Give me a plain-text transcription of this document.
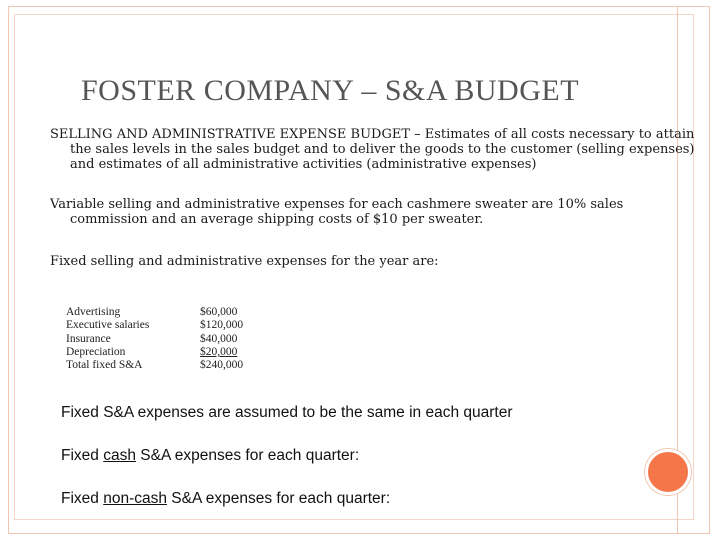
FOSTER COMPANY – S&A BUDGET
SELLING AND ADMINISTRATIVE EXPENSE BUDGET – Estimates of all costs necessary to attain the sales levels in the sales budget and to deliver the goods to the customer (selling expenses) and estimates of all administrative activities (administrative expenses)
Variable selling and administrative expenses for each cashmere sweater are 10% sales commission and an average shipping costs of $10 per sweater.
Fixed selling and administrative expenses for the year are:
Advertising	$60,000
Executive salaries	$120,000
Insurance	$40,000
Depreciation	$20,000
Total fixed S&A	$240,000
Fixed S&A expenses are assumed to be the same in each quarter
Fixed cash S&A expenses for each quarter:
Fixed non-cash S&A expenses for each quarter:
